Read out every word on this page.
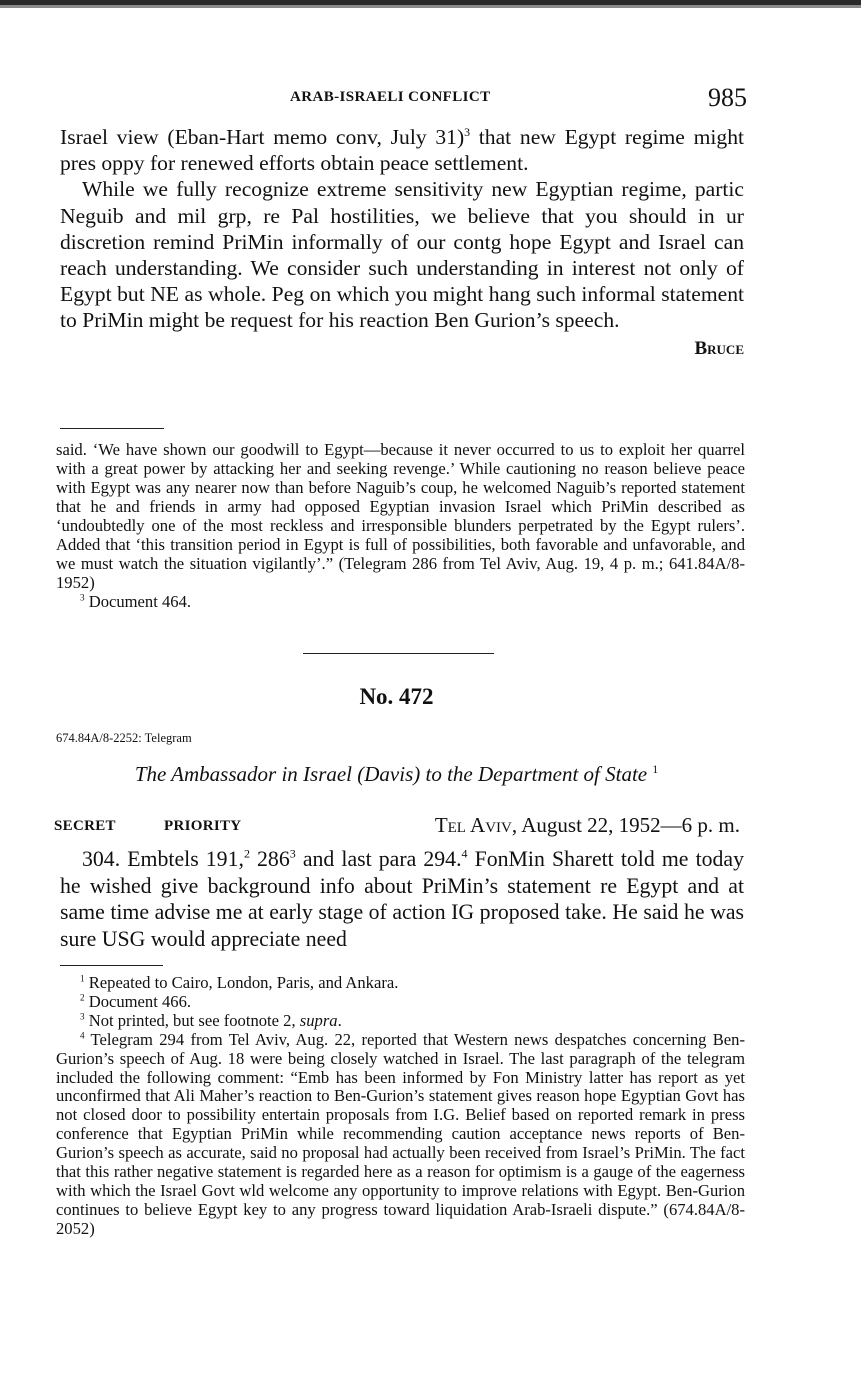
ARAB-ISRAELI CONFLICT	985

Israel view (Eban-Hart memo conv, July 31)$^3$ that new Egypt regime might pres oppy for renewed efforts obtain peace settlement.

While we fully recognize extreme sensitivity new Egyptian regime, partic Neguib and mil grp, re Pal hostilities, we believe that you should in ur discretion remind PriMin informally of our contg hope Egypt and Israel can reach understanding. We consider such understanding in interest not only of Egypt but NE as whole. Peg on which you might hang such informal statement to PriMin might be request for his reaction Ben Gurion’s speech.

Bruce

said. ‘We have shown our goodwill to Egypt—because it never occurred to us to exploit her quarrel with a great power by attacking her and seeking revenge.’ While cautioning no reason believe peace with Egypt was any nearer now than before Naguib’s coup, he welcomed Naguib’s reported statement that he and friends in army had opposed Egyptian invasion Israel which PriMin described as ‘undoubtedly one of the most reckless and irresponsible blunders perpetrated by the Egypt rulers’. Added that ‘this transition period in Egypt is full of possibilities, both favorable and unfavorable, and we must watch the situation vigilantly’.” (Telegram 286 from Tel Aviv, Aug. 19, 4 p. m.; 641.84A/8-1952)

$^3$ Document 464.

No. 472
674.84A/8-2252: Telegram
The Ambassador in Israel (Davis) to the Department of State $^1$
SECRET	PRIORITY	Tel Aviv, August 22, 1952—6 p. m.

304. Embtels 191,$^2$ $286^3$ and last para 294.$^4$ FonMin Sharett told me today he wished give background info about PriMin’s statement re Egypt and at same time advise me at early stage of action IG proposed take. He said he was sure USG would appreciate need

$^1$ Repeated to Cairo, London, Paris, and Ankara.

$^2$ Document 466.

$^3$ Not printed, but see footnote 2, supra.

$^4$ Telegram 294 from Tel Aviv, Aug. 22, reported that Western news despatches concerning Ben-Gurion’s speech of Aug. 18 were being closely watched in Israel. The last paragraph of the telegram included the following comment: “Emb has been informed by Fon Ministry latter has report as yet unconfirmed that Ali Maher’s reaction to Ben-Gurion’s statement gives reason hope Egyptian Govt has not closed door to possibility entertain proposals from I.G. Belief based on reported remark in press conference that Egyptian PriMin while recommending caution acceptance news reports of Ben-Gurion’s speech as accurate, said no proposal had actually been received from Israel’s PriMin. The fact that this rather negative statement is regarded here as a reason for optimism is a gauge of the eagerness with which the Israel Govt wld welcome any opportunity to improve relations with Egypt. Ben-Gurion continues to believe Egypt key to any progress toward liquidation Arab-Israeli dispute.” (674.84A/8-2052)
